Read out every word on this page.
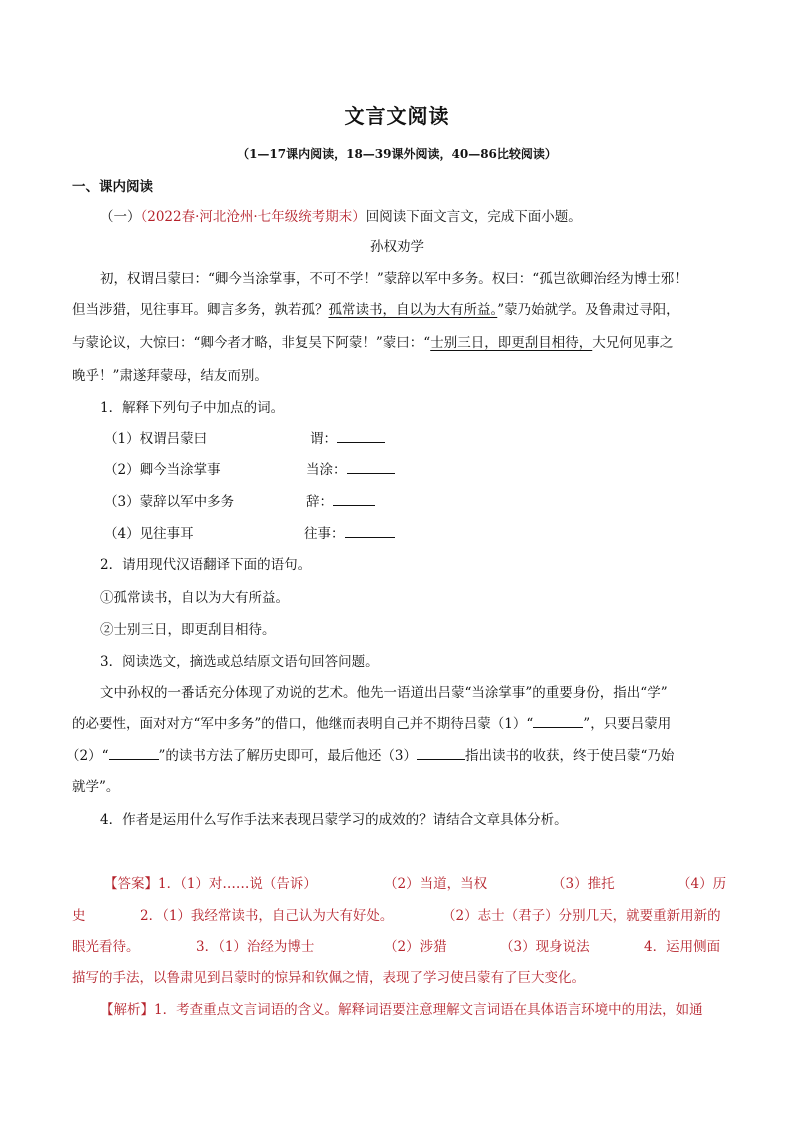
文言文阅读
（1—17课内阅读，18—39课外阅读，40—86比较阅读）
一、课内阅读
（一）（2022春·河北沧州·七年级统考期末）回阅读下面文言文，完成下面小题。
孙权劝学
初，权谓吕蒙曰：“卿今当涂掌事，不可不学！”蒙辞以军中多务。权曰：“孤岂欲卿治经为博士邪！
但当涉猎，见往事耳。卿言多务，孰若孤？孤常读书，自以为大有所益。”蒙乃始就学。及鲁肃过寻阳，
与蒙论议，大惊曰：“卿今者才略，非复吴下阿蒙！”蒙曰：“士别三日，即更刮目相待，大兄何见事之
晚乎！”肃遂拜蒙母，结友而别。
1．解释下列句子中加点的词。
（1）权谓吕蒙曰	谓：
（2）卿今当涂掌事	当涂：
（3）蒙辞以军中多务	辞：
（4）见往事耳	往事：
2．请用现代汉语翻译下面的语句。
①孤常读书，自以为大有所益。
②士别三日，即更刮目相待。
3．阅读选文，摘选或总结原文语句回答问题。
文中孙权的一番话充分体现了劝说的艺术。他先一语道出吕蒙“当涂掌事”的重要身份，指出“学”
的必要性，面对对方“军中多务”的借口，他继而表明自己并不期待吕蒙（1）“	”，只要吕蒙用
（2）“	”的读书方法了解历史即可，最后他还（3）	指出读书的收获，终于使吕蒙“乃始
就学”。
4．作者是运用什么写作手法来表现吕蒙学习的成效的？请结合文章具体分析。
【答案】1．（1）对……说（告诉）	（2）当道，当权	（3）推托	（4）历
史	2．（1）我经常读书，自己认为大有好处。	（2）志士（君子）分别几天，就要重新用新的
眼光看待。	3．（1）治经为博士	（2）涉猎	（3）现身说法	4．运用侧面
描写的手法，以鲁肃见到吕蒙时的惊异和钦佩之情，表现了学习使吕蒙有了巨大变化。
【解析】1．考查重点文言词语的含义。解释词语要注意理解文言词语在具体语言环境中的用法，如通
